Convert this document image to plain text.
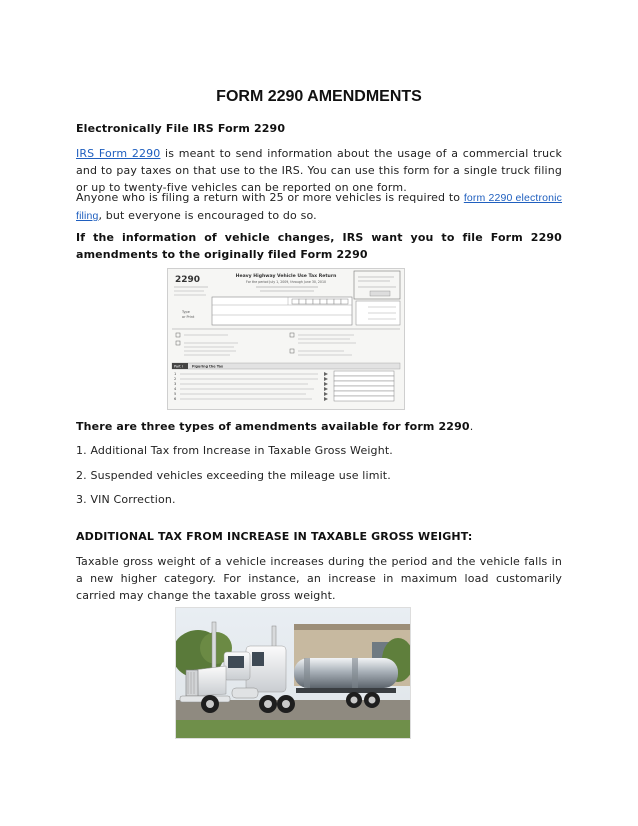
FORM 2290 AMENDMENTS
Electronically File IRS Form 2290
IRS Form 2290 is meant to send information about the usage of a commercial truck and to pay taxes on that use to the IRS. You can use this form for a single truck filing or up to twenty-five vehicles can be reported on one form.
Anyone who is filing a return with 25 or more vehicles is required to form 2290 electronic filing, but everyone is encouraged to do so.
If the information of vehicle changes, IRS want you to file Form 2290 amendments to the originally filed Form 2290
2290	Heavy Highway Vehicle Use Tax Return
For the period July 1, 2009, through June 30, 2010
Type
or Print
Part I	Figuring the Tax
1
2
3
4
5
6
There are three types of amendments available for form 2290.
1. Additional Tax from Increase in Taxable Gross Weight.
2. Suspended vehicles exceeding the mileage use limit.
3. VIN Correction.
ADDITIONAL TAX FROM INCREASE IN TAXABLE GROSS WEIGHT:
Taxable gross weight of a vehicle increases during the period and the vehicle falls in a new higher category. For instance, an increase in maximum load customarily carried may change the taxable gross weight.
